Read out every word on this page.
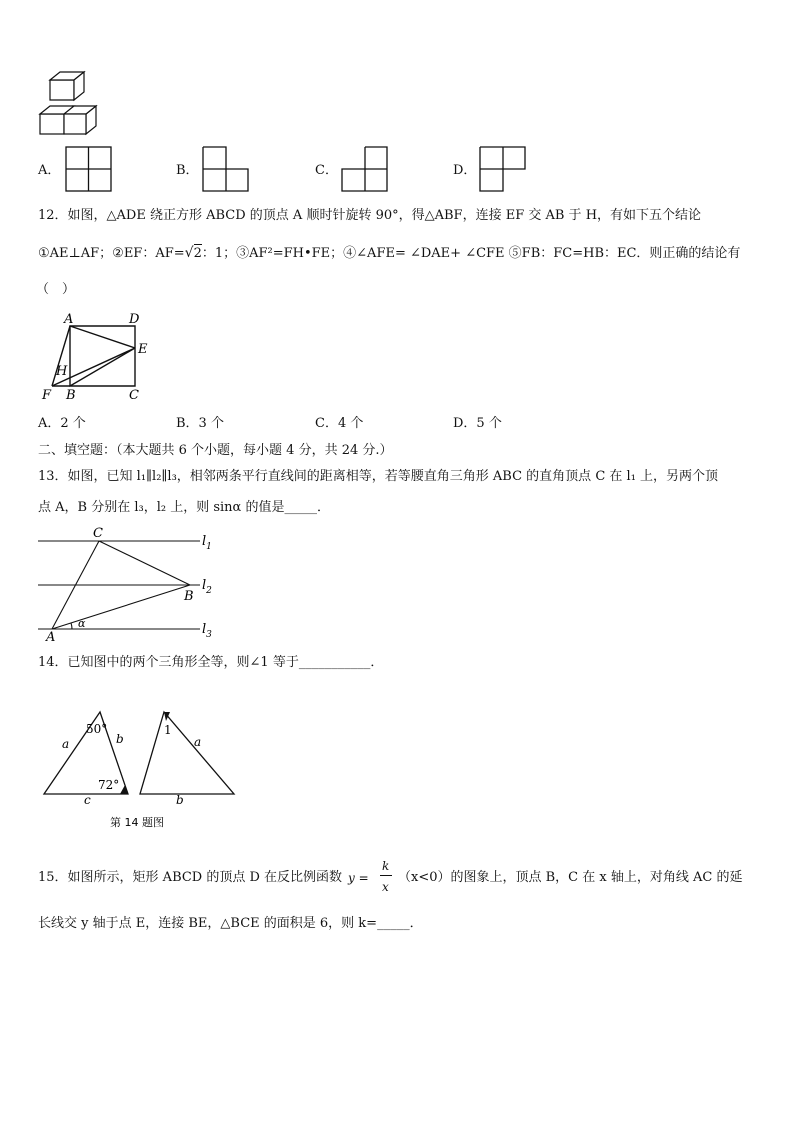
A．	B．	C．	D．
12．如图，△ADE 绕正方形 ABCD 的顶点 A 顺时针旋转 90°，得△ABF，连接 EF 交 AB 于 H，有如下五个结论
①AE⊥AF；②EF：AF=√2：1；③AF²=FH•FE；④∠AFE= ∠DAE+ ∠CFE ⑤FB：FC=HB：EC．则正确的结论有
（　）
A	D
E
H
F B	C
A．2 个	B．3 个	C．4 个	D．5 个
二、填空题：（本大题共 6 个小题，每小题 4 分，共 24 分.）
13．如图，已知 l₁∥l₂∥l₃，相邻两条平行直线间的距离相等，若等腰直角三角形 ABC 的直角顶点 C 在 l₁ 上，另两个顶
点 A，B 分别在 l₃，l₂ 上，则 sinα 的值是_____．
C
B
A
α
$l_1$
$l_2$
$l_3$
14．已知图中的两个三角形全等，则∠1 等于___________．
a	b
c
50°
72°
1
a
b
第 14 题图
15．如图所示，矩形 ABCD 的顶点 D 在反比例函数 y =
k
x
（x<0）的图象上，顶点 B，C 在 x 轴上，对角线 AC 的延
长线交 y 轴于点 E，连接 BE，△BCE 的面积是 6，则 k=_____．
